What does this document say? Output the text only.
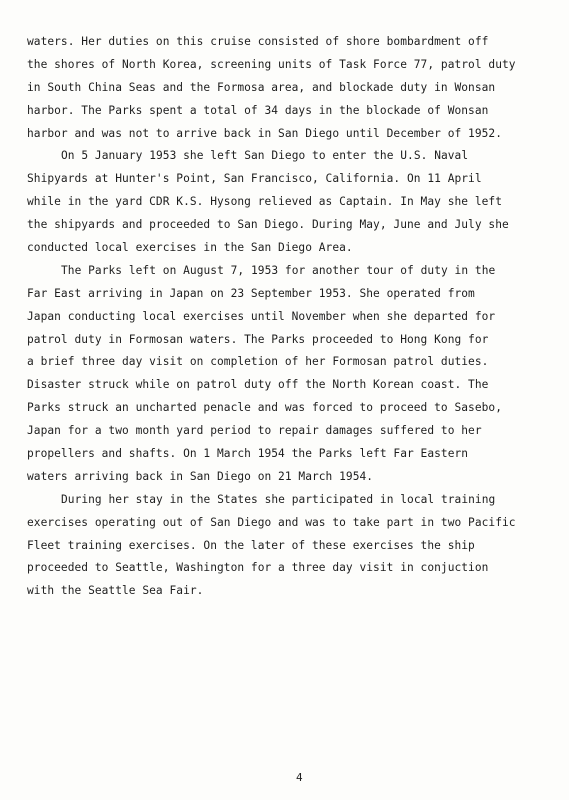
waters. Her duties on this cruise consisted of shore bombardment off
the shores of North Korea, screening units of Task Force 77, patrol duty
in South China Seas and the Formosa area, and blockade duty in Wonsan
harbor. The Parks spent a total of 34 days in the blockade of Wonsan
harbor and was not to arrive back in San Diego until December of 1952.
On 5 January 1953 she left San Diego to enter the U.S. Naval
Shipyards at Hunter's Point, San Francisco, California. On 11 April
while in the yard CDR K.S. Hysong relieved as Captain. In May she left
the shipyards and proceeded to San Diego. During May, June and July she
conducted local exercises in the San Diego Area.
The Parks left on August 7, 1953 for another tour of duty in the
Far East arriving in Japan on 23 September 1953. She operated from
Japan conducting local exercises until November when she departed for
patrol duty in Formosan waters. The Parks proceeded to Hong Kong for
a brief three day visit on completion of her Formosan patrol duties.
Disaster struck while on patrol duty off the North Korean coast. The
Parks struck an uncharted penacle and was forced to proceed to Sasebo,
Japan for a two month yard period to repair damages suffered to her
propellers and shafts. On 1 March 1954 the Parks left Far Eastern
waters arriving back in San Diego on 21 March 1954.
During her stay in the States she participated in local training
exercises operating out of San Diego and was to take part in two Pacific
Fleet training exercises. On the later of these exercises the ship
proceeded to Seattle, Washington for a three day visit in conjuction
with the Seattle Sea Fair.
4
